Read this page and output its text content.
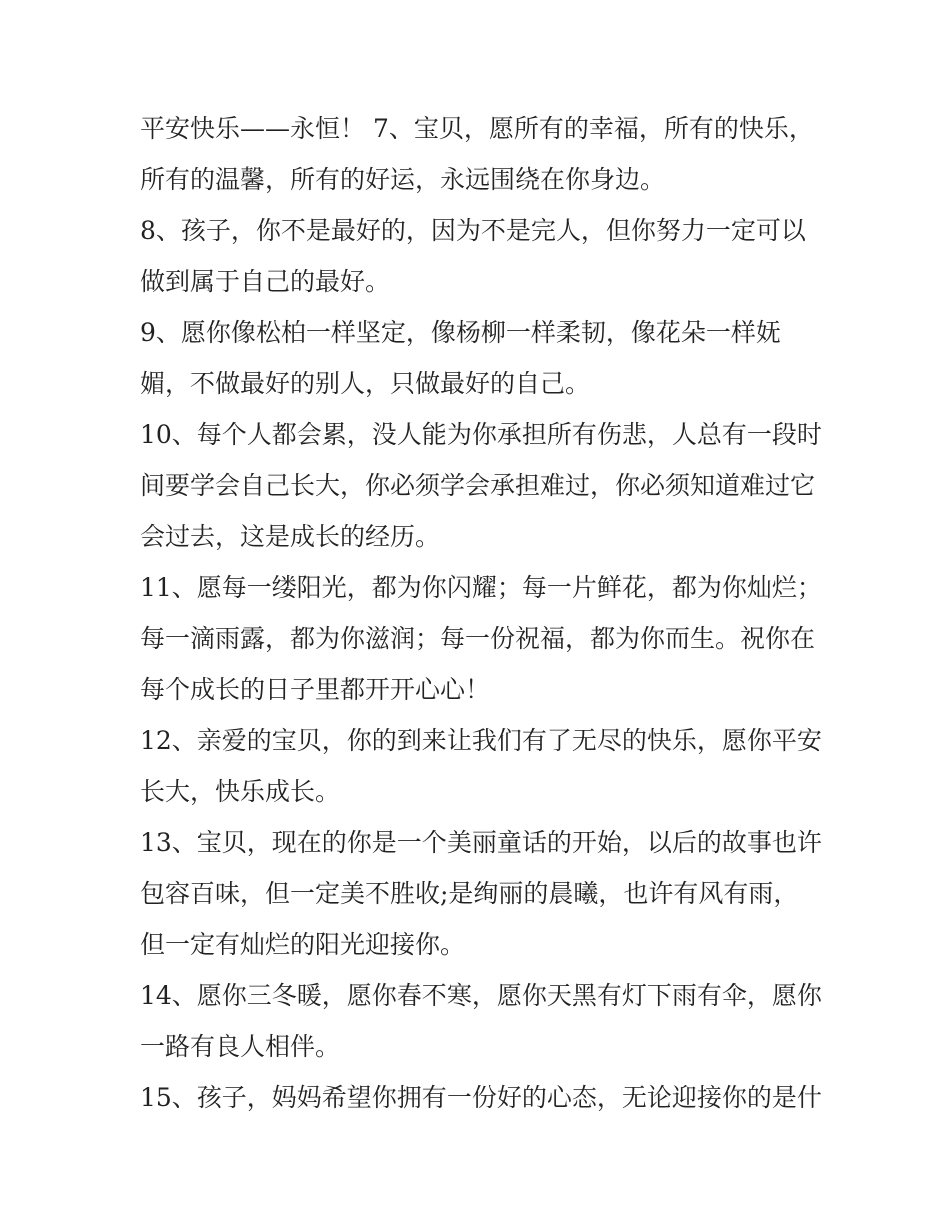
平安快乐——永恒！ 7、宝贝，愿所有的幸福，所有的快乐，
所有的温馨，所有的好运，永远围绕在你身边。
8、孩子，你不是最好的，因为不是完人，但你努力一定可以
做到属于自己的最好。
9、愿你像松柏一样坚定，像杨柳一样柔韧，像花朵一样妩
媚，不做最好的别人，只做最好的自己。
10、每个人都会累，没人能为你承担所有伤悲，人总有一段时
间要学会自己长大，你必须学会承担难过，你必须知道难过它
会过去，这是成长的经历。
11、愿每一缕阳光，都为你闪耀；每一片鲜花，都为你灿烂；
每一滴雨露，都为你滋润；每一份祝福，都为你而生。祝你在
每个成长的日子里都开开心心！
12、亲爱的宝贝，你的到来让我们有了无尽的快乐，愿你平安
长大，快乐成长。
13、宝贝，现在的你是一个美丽童话的开始，以后的故事也许
包容百味，但一定美不胜收;是绚丽的晨曦，也许有风有雨，
但一定有灿烂的阳光迎接你。
14、愿你三冬暖，愿你春不寒，愿你天黑有灯下雨有伞，愿你
一路有良人相伴。
15、孩子，妈妈希望你拥有一份好的心态，无论迎接你的是什
